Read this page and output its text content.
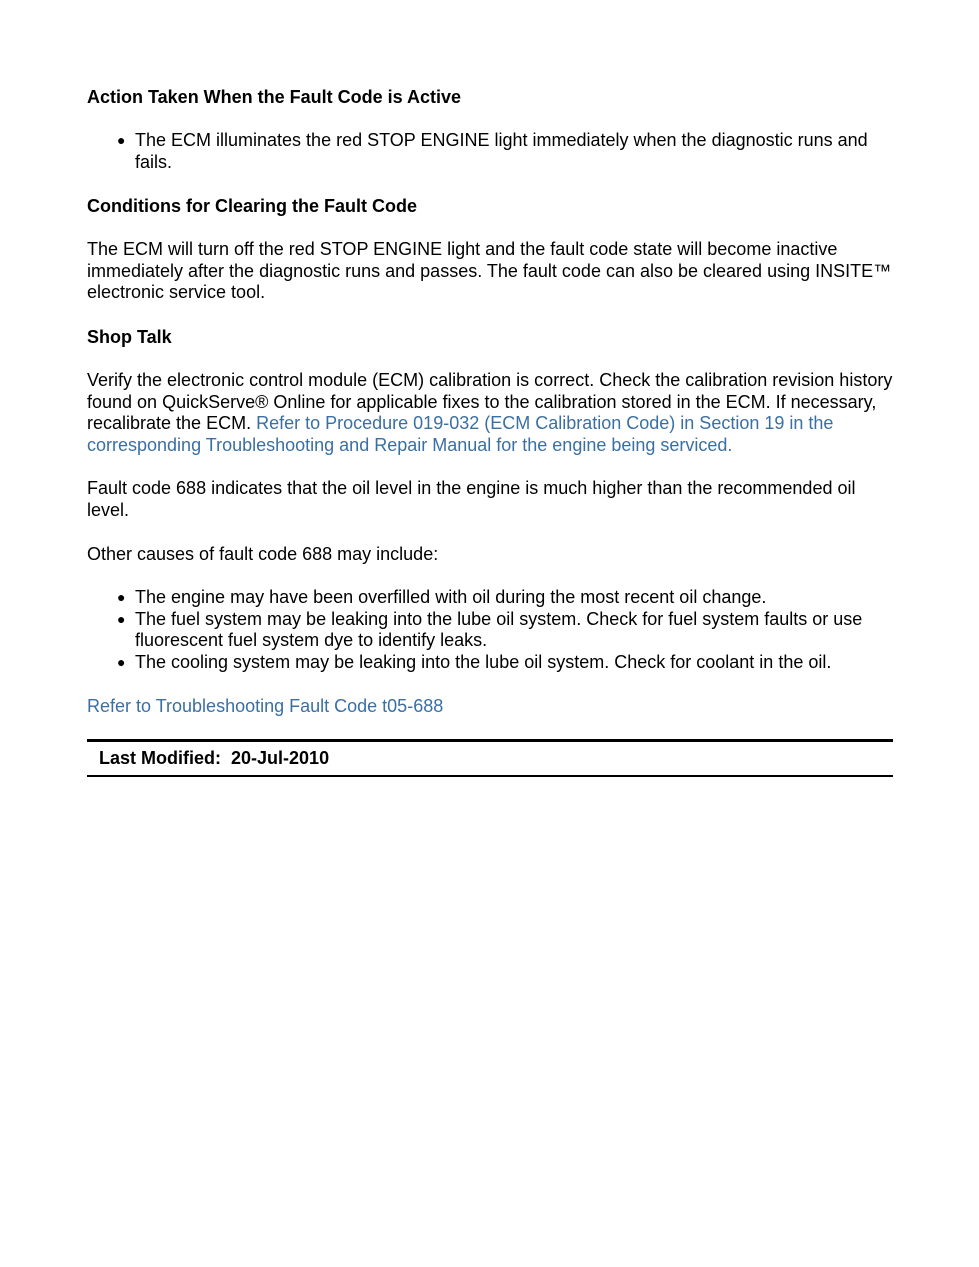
Action Taken When the Fault Code is Active
● The ECM illuminates the red STOP ENGINE light immediately when the diagnostic runs and fails.
Conditions for Clearing the Fault Code

The ECM will turn off the red STOP ENGINE light and the fault code state will become inactive immediately after the diagnostic runs and passes. The fault code can also be cleared using INSITE™ electronic service tool.

Shop Talk

Verify the electronic control module (ECM) calibration is correct. Check the calibration revision history found on QuickServe® Online for applicable fixes to the calibration stored in the ECM. If necessary, recalibrate the ECM. Refer to Procedure 019-032 (ECM Calibration Code) in Section 19 in the corresponding Troubleshooting and Repair Manual for the engine being serviced.

Fault code 688 indicates that the oil level in the engine is much higher than the recommended oil level.

Other causes of fault code 688 may include:

● The engine may have been overfilled with oil during the most recent oil change.
● The fuel system may be leaking into the lube oil system. Check for fuel system faults or use fluorescent fuel system dye to identify leaks.
● The cooling system may be leaking into the lube oil system. Check for coolant in the oil.

Refer to Troubleshooting Fault Code t05-688

Last Modified: 20-Jul-2010
